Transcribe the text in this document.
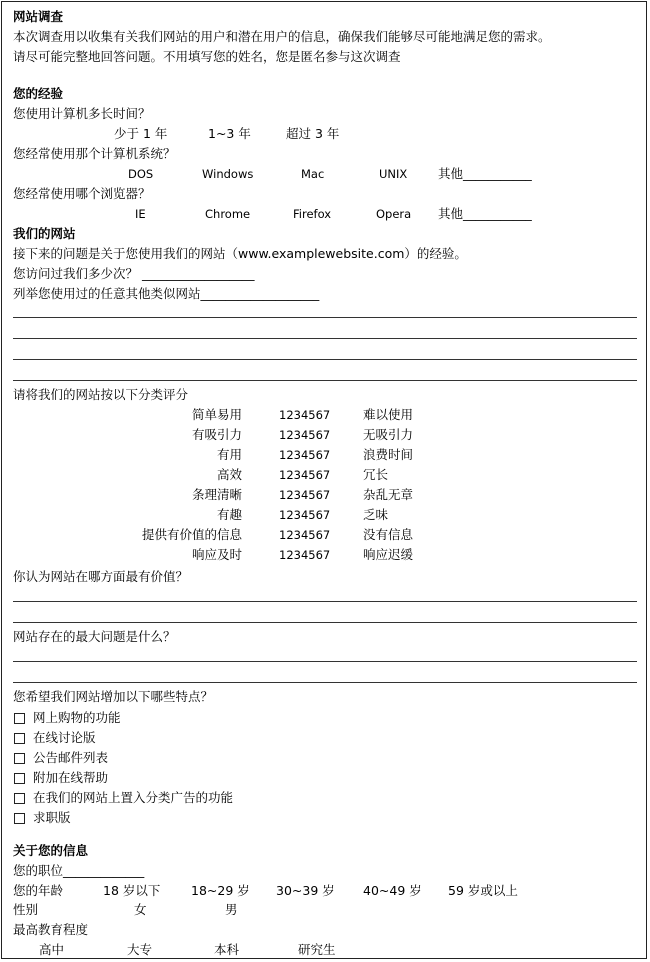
网站调查
本次调查用以收集有关我们网站的用户和潜在用户的信息，确保我们能够尽可能地满足您的需求。
请尽可能完整地回答问题。不用填写您的姓名，您是匿名参与这次调查
您的经验
您使用计算机多长时间？
少于 1 年	1~3 年	超过 3 年
您经常使用那个计算机系统？
DOS	Windows	Mac	UNIX 其他___________
您经常使用哪个浏览器？
IE	Chrome	Firefox	Opera 其他___________
我们的网站
接下来的问题是关于您使用我们的网站（www.examplewebsite.com）的经验。
您访问过我们多少次？ __________________
列举您使用过的任意其他类似网站___________________
请将我们的网站按以下分类评分
简单易用	1234567	难以使用
有吸引力	1234567	无吸引力
有用	1234567	浪费时间
高效	1234567	冗长
条理清晰	1234567	杂乱无章
有趣	1234567	乏味
提供有价值的信息	1234567	没有信息
响应及时	1234567	响应迟缓
你认为网站在哪方面最有价值？
网站存在的最大问题是什么？
您希望我们网站增加以下哪些特点？
网上购物的功能
在线讨论版
公告邮件列表
附加在线帮助
在我们的网站上置入分类广告的功能
求职版
关于您的信息
您的职位_____________
您的年龄	18 岁以下 18~29 岁 30~39 岁 40~49 岁 59 岁或以上
性别	女	男
最高教育程度
高中	大专	本科	研究生
